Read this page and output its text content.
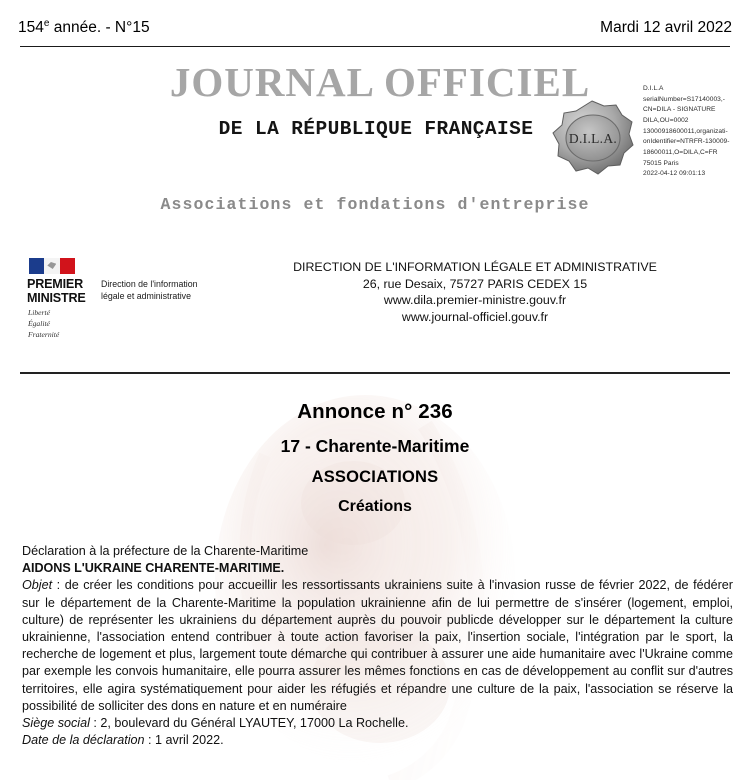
154e année. - N°15	Mardi 12 avril 2022
JOURNAL OFFICIEL
DE LA RÉPUBLIQUE FRANÇAISE	D.I.L.A.
D.I.L.A
serialNumber=S17140003,-
CN=DILA - SIGNATURE
DILA,OU=0002
13000918600011,organizati-
onIdentifier=NTRFR-130009-
18600011,O=DILA,C=FR
75015 Paris
2022-04-12 09:01:13
Associations et fondations d'entreprise
PREMIER
MINISTRE
Liberté
Égalité
Fraternité
Direction de l'information
légale et administrative
DIRECTION DE L'INFORMATION LÉGALE ET ADMINISTRATIVE
26, rue Desaix, 75727 PARIS CEDEX 15
www.dila.premier-ministre.gouv.fr
www.journal-officiel.gouv.fr
Annonce n° 236
17 - Charente-Maritime
ASSOCIATIONS
Créations

Déclaration à la préfecture de la Charente-Maritime

AIDONS L'UKRAINE CHARENTE-MARITIME.

Objet : de créer les conditions pour accueillir les ressortissants ukrainiens suite à l'invasion russe de février 2022, de fédérer sur le département de la Charente-Maritime la population ukrainienne afin de lui permettre de s'insérer (logement, emploi, culture) de représenter les ukrainiens du département auprès du pouvoir publicde développer sur le département la culture ukrainienne, l'association entend contribuer à toute action favoriser la paix, l'insertion sociale, l'intégration par le sport, la recherche de logement et plus, largement toute démarche qui contribuer à assurer une aide humanitaire avec l'Ukraine comme par exemple les convois humanitaire, elle pourra assurer les mêmes fonctions en cas de développement au conflit sur d'autres territoires, elle agira systématiquement pour aider les réfugiés et répandre une culture de la paix, l'association se réserve la possibilité de solliciter des dons en nature et en numéraire

Siège social : 2, boulevard du Général LYAUTEY, 17000 La Rochelle.

Date de la déclaration : 1 avril 2022.
